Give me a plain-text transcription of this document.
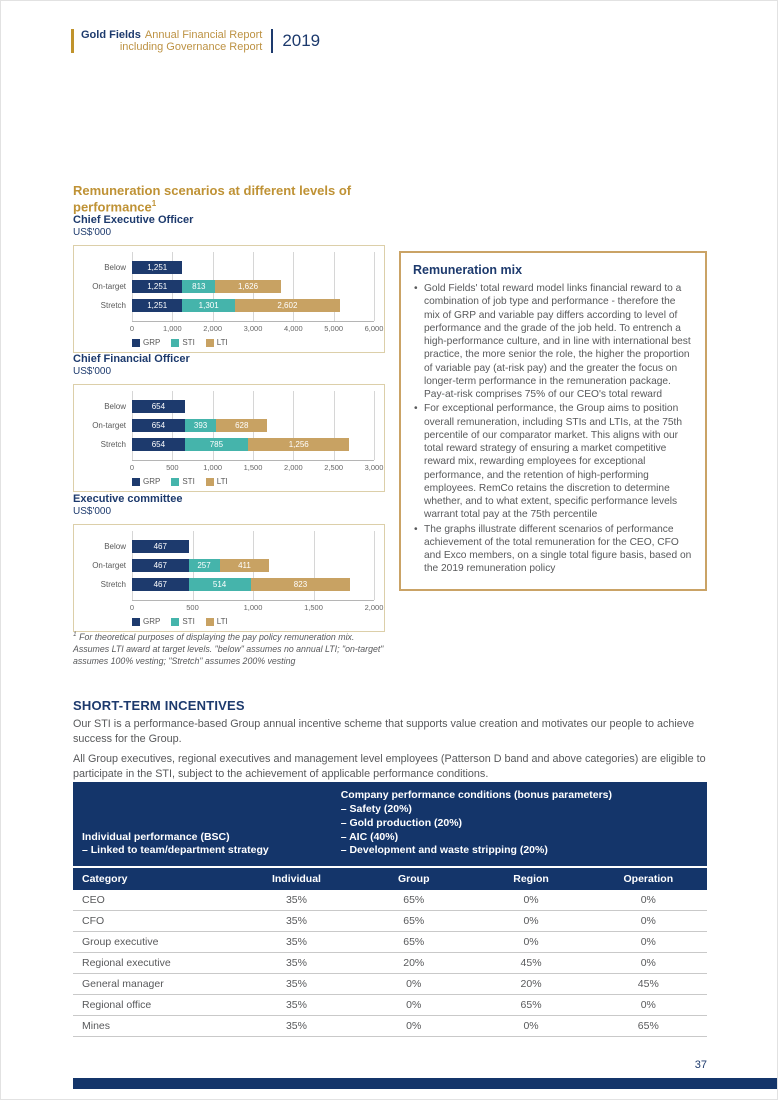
Gold Fields Annual Financial Report
including Governance Report 2019
Remuneration scenarios at different levels of performance$^1$
Chief Executive Officer
US$'000
Below	1,251
On-target	1,251	813	1,626
Stretch	1,251	1,301	2,602
0	1,000	2,000	3,000	4,000	5,000	6,000
GRP	STI	LTI
Chief Financial Officer
US$'000
Below	654
On-target	654	393	628
Stretch	654	785	1,256
0	500	1,000	1,500	2,000	2,500	3,000
GRP	STI	LTI
Executive committee
US$'000
Below	467
On-target	467	257	411
Stretch	467	514	823
0	500	1,000	1,500	2,000
GRP	STI	LTI
Remuneration mix
• Gold Fields' total reward model links financial reward to a combination of job type and performance - therefore the mix of GRP and variable pay differs according to level of performance and the grade of the job held. To entrench a high-performance culture, and in line with international best practice, the more senior the role, the higher the proportion of variable pay (at-risk pay) and the greater the focus on longer-term performance in the remuneration package. Pay-at-risk comprises 75% of our CEO's total reward
• For exceptional performance, the Group aims to position overall remuneration, including STIs and LTIs, at the 75th percentile of our comparator market. This aligns with our total reward strategy of ensuring a market competitive reward mix, rewarding employees for exceptional performance, and the retention of high-performing employees. RemCo retains the discretion to determine whether, and to what extent, specific performance levels warrant total pay at the 75th percentile
• The graphs illustrate different scenarios of performance achievement of the total remuneration for the CEO, CFO and Exco members, on a single total figure basis, based on the 2019 remuneration policy
$^1$ For theoretical purposes of displaying the pay policy remuneration mix. Assumes LTI award at target levels. "below" assumes no annual LTI; "on-target" assumes 100% vesting; "Stretch" assumes 200% vesting
SHORT-TERM INCENTIVES

Our STI is a performance-based Group annual incentive scheme that supports value creation and motivates our people to achieve success for the Group.

All Group executives, regional executives and management level employees (Patterson D band and above categories) are eligible to participate in the STI, subject to the achievement of applicable performance conditions.

Individual performance (BSC)
– Linked to team/department strategy
Company performance conditions (bonus parameters)
– Safety (20%)
– Gold production (20%)
– AIC (40%)
– Development and waste stripping (20%)
Category	Individual	Group	Region	Operation
CEO	35%	65%	0%	0%
CFO	35%	65%	0%	0%
Group executive	35%	65%	0%	0%
Regional executive	35%	20%	45%	0%
General manager	35%	0%	20%	45%
Regional office	35%	0%	65%	0%
Mines	35%	0%	0%	65%
37
